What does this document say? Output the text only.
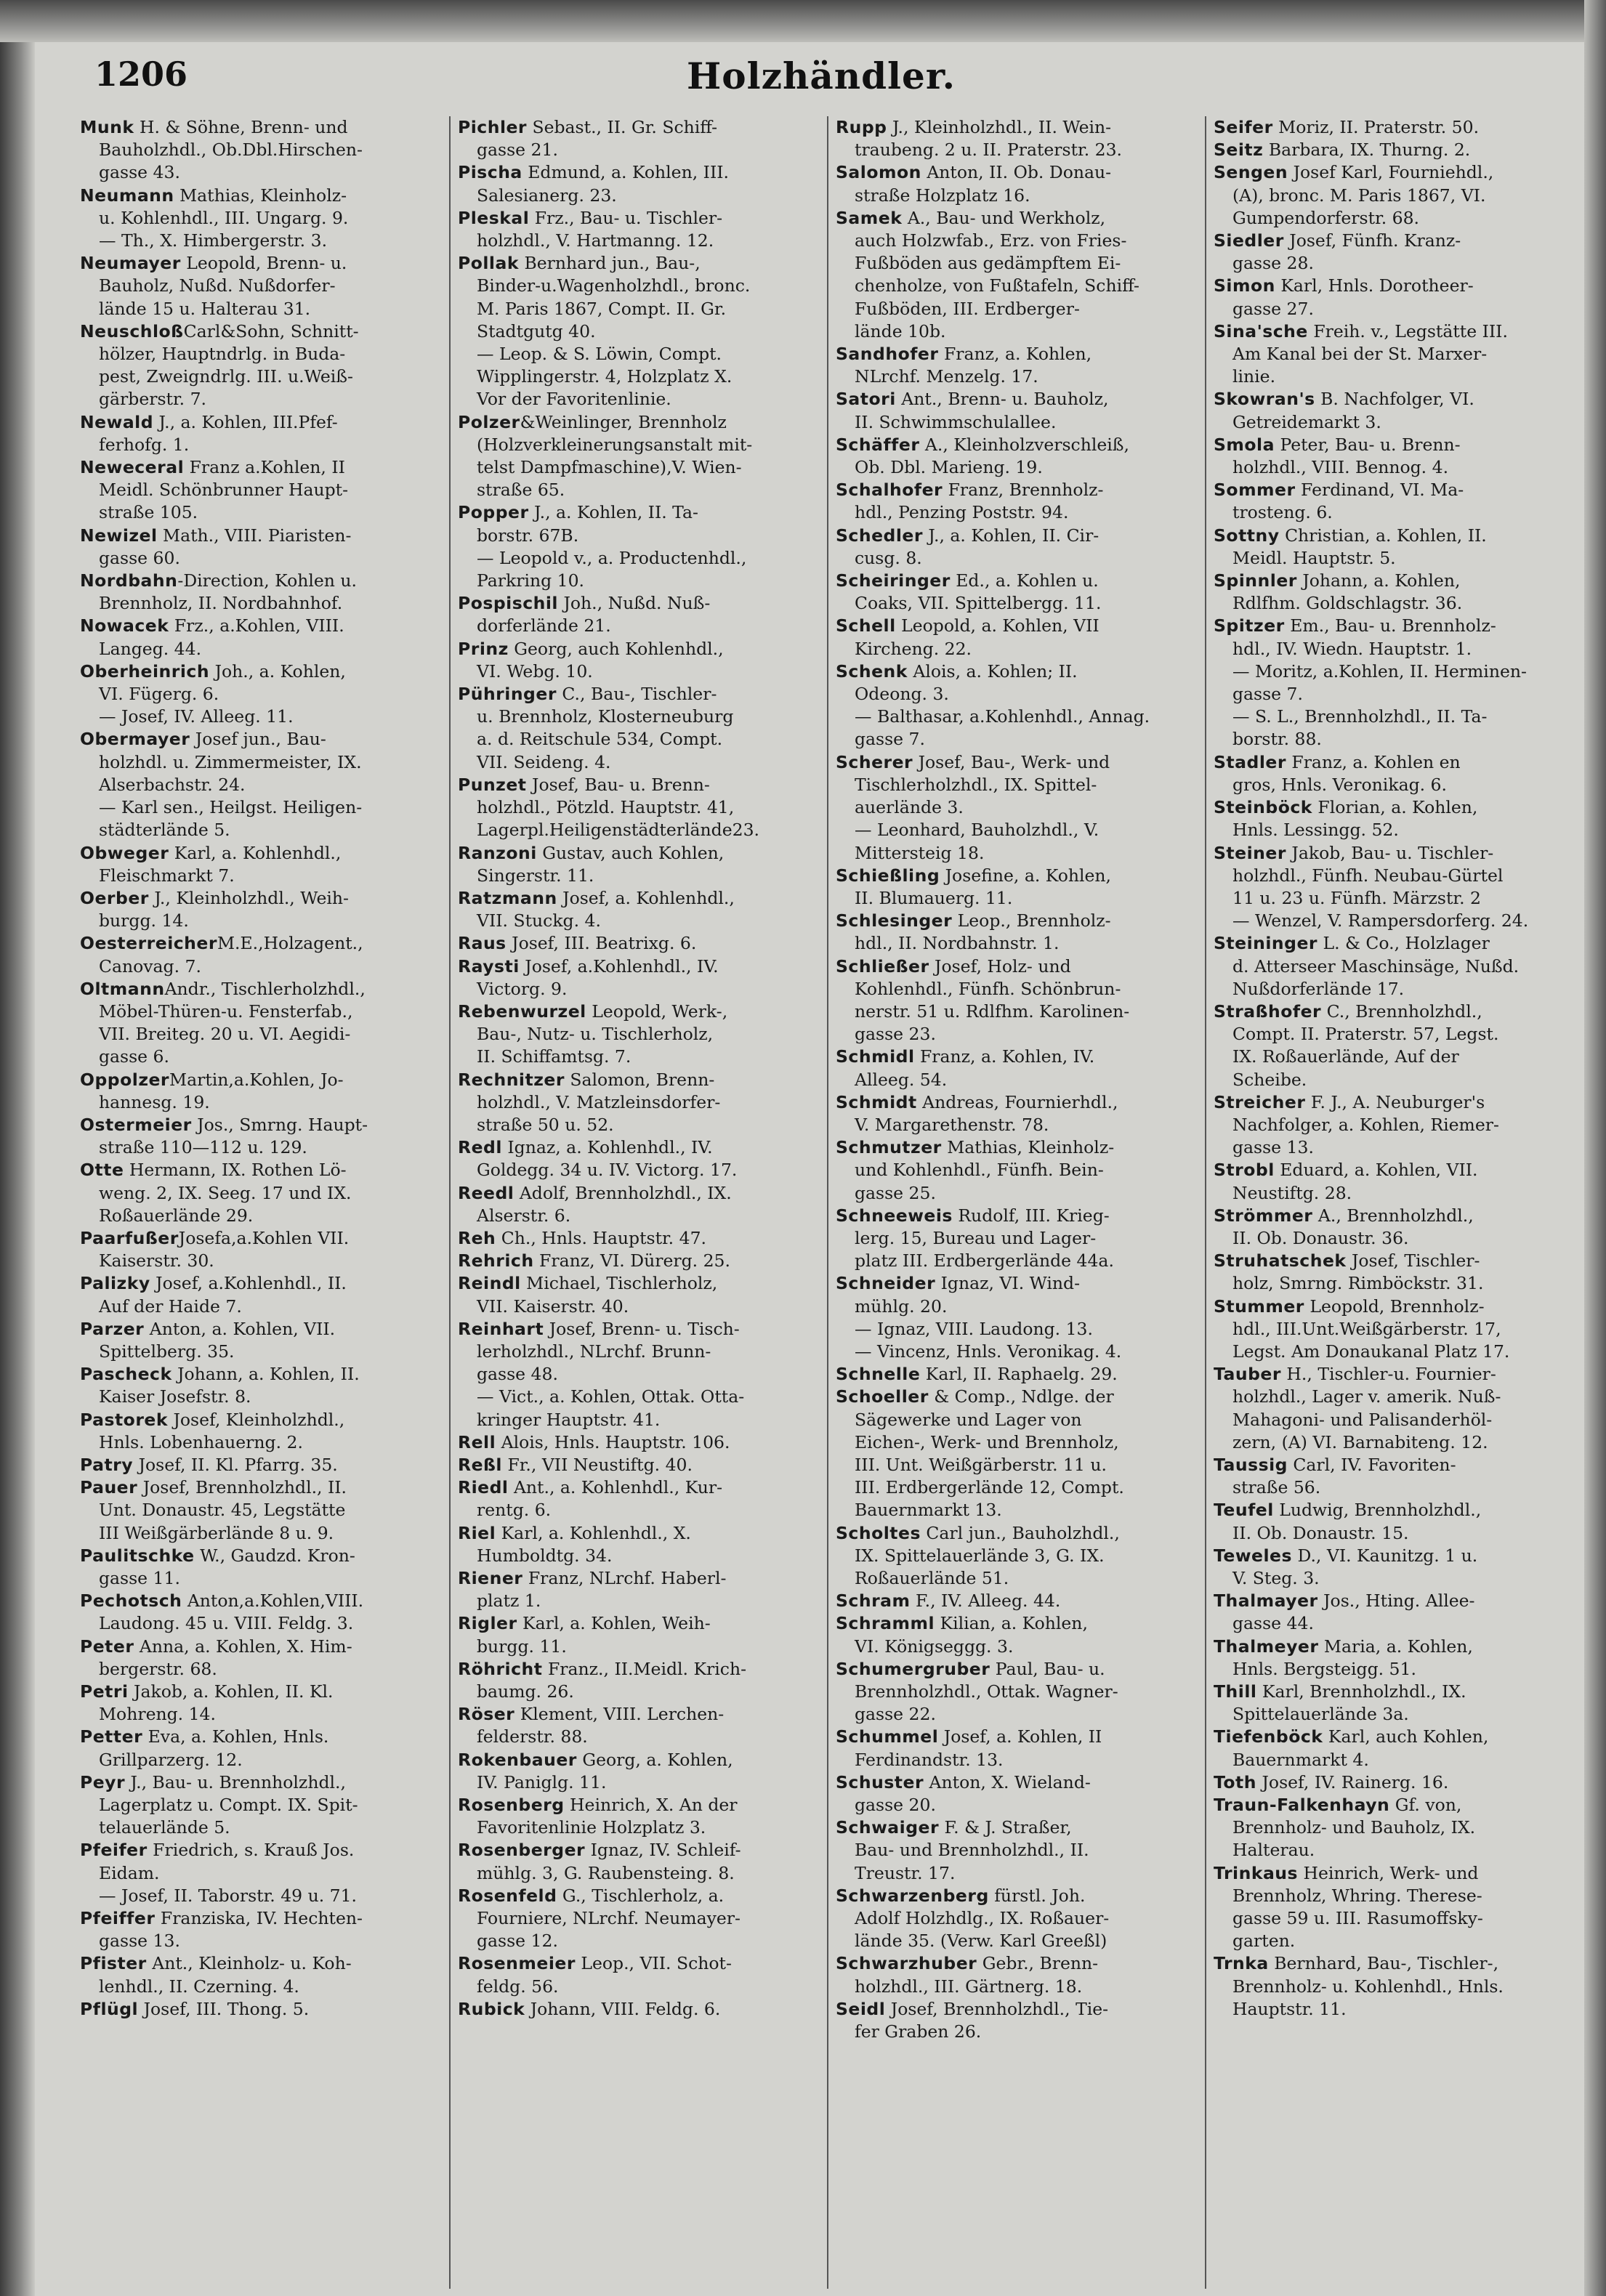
1206	Holzhändler.
Munk H. & Söhne, Brenn- und
Bauholzhdl., Ob.Dbl.Hirschen-
gasse 43.
Neumann Mathias, Kleinholz-
u. Kohlenhdl., III. Ungarg. 9.
— Th., X. Himbergerstr. 3.
Neumayer Leopold, Brenn- u.
Bauholz, Nußd. Nußdorfer-
lände 15 u. Halterau 31.
NeuschloßCarl&Sohn, Schnitt-
hölzer, Hauptndrlg. in Buda-
pest, Zweigndrlg. III. u.Weiß-
gärberstr. 7.
Newald J., a. Kohlen, III.Pfef-
ferhofg. 1.
Neweceral Franz a.Kohlen, II
Meidl. Schönbrunner Haupt-
straße 105.
Newizel Math., VIII. Piaristen-
gasse 60.
Nordbahn-Direction, Kohlen u.
Brennholz, II. Nordbahnhof.
Nowacek Frz., a.Kohlen, VIII.
Langeg. 44.
Oberheinrich Joh., a. Kohlen,
VI. Fügerg. 6.
— Josef, IV. Alleeg. 11.
Obermayer Josef jun., Bau-
holzhdl. u. Zimmermeister, IX.
Alserbachstr. 24.
— Karl sen., Heilgst. Heiligen-
städterlände 5.
Obweger Karl, a. Kohlenhdl.,
Fleischmarkt 7.
Oerber J., Kleinholzhdl., Weih-
burgg. 14.
OesterreicherM.E.,Holzagent.,
Canovag. 7.
OltmannAndr., Tischlerholzhdl.,
Möbel-Thüren-u. Fensterfab.,
VII. Breiteg. 20 u. VI. Aegidi-
gasse 6.
OppolzerMartin,a.Kohlen, Jo-
hannesg. 19.
Ostermeier Jos., Smrng. Haupt-
straße 110—112 u. 129.
Otte Hermann, IX. Rothen Lö-
weng. 2, IX. Seeg. 17 und IX.
Roßauerlände 29.
PaarfußerJosefa,a.Kohlen VII.
Kaiserstr. 30.
Palizky Josef, a.Kohlenhdl., II.
Auf der Haide 7.
Parzer Anton, a. Kohlen, VII.
Spittelberg. 35.
Pascheck Johann, a. Kohlen, II.
Kaiser Josefstr. 8.
Pastorek Josef, Kleinholzhdl.,
Hnls. Lobenhauerng. 2.
Patry Josef, II. Kl. Pfarrg. 35.
Pauer Josef, Brennholzhdl., II.
Unt. Donaustr. 45, Legstätte
III Weißgärberlände 8 u. 9.
Paulitschke W., Gaudzd. Kron-
gasse 11.
Pechotsch Anton,a.Kohlen,VIII.
Laudong. 45 u. VIII. Feldg. 3.
Peter Anna, a. Kohlen, X. Him-
bergerstr. 68.
Petri Jakob, a. Kohlen, II. Kl.
Mohreng. 14.
Petter Eva, a. Kohlen, Hnls.
Grillparzerg. 12.
Peyr J., Bau- u. Brennholzhdl.,
Lagerplatz u. Compt. IX. Spit-
telauerlände 5.
Pfeifer Friedrich, s. Krauß Jos.
Eidam.
— Josef, II. Taborstr. 49 u. 71.
Pfeiffer Franziska, IV. Hechten-
gasse 13.
Pfister Ant., Kleinholz- u. Koh-
lenhdl., II. Czerning. 4.
Pflügl Josef, III. Thong. 5.
Pichler Sebast., II. Gr. Schiff-
gasse 21.
Pischa Edmund, a. Kohlen, III.
Salesianerg. 23.
Pleskal Frz., Bau- u. Tischler-
holzhdl., V. Hartmanng. 12.
Pollak Bernhard jun., Bau-,
Binder-u.Wagenholzhdl., bronc.
M. Paris 1867, Compt. II. Gr.
Stadtgutg 40.
— Leop. & S. Löwin, Compt.
Wipplingerstr. 4, Holzplatz X.
Vor der Favoritenlinie.
Polzer&Weinlinger, Brennholz
(Holzverkleinerungsanstalt mit-
telst Dampfmaschine),V. Wien-
straße 65.
Popper J., a. Kohlen, II. Ta-
borstr. 67B.
— Leopold v., a. Productenhdl.,
Parkring 10.
Pospischil Joh., Nußd. Nuß-
dorferlände 21.
Prinz Georg, auch Kohlenhdl.,
VI. Webg. 10.
Pühringer C., Bau-, Tischler-
u. Brennholz, Klosterneuburg
a. d. Reitschule 534, Compt.
VII. Seideng. 4.
Punzet Josef, Bau- u. Brenn-
holzhdl., Pötzld. Hauptstr. 41,
Lagerpl.Heiligenstädterlände23.
Ranzoni Gustav, auch Kohlen,
Singerstr. 11.
Ratzmann Josef, a. Kohlenhdl.,
VII. Stuckg. 4.
Raus Josef, III. Beatrixg. 6.
Raysti Josef, a.Kohlenhdl., IV.
Victorg. 9.
Rebenwurzel Leopold, Werk-,
Bau-, Nutz- u. Tischlerholz,
II. Schiffamtsg. 7.
Rechnitzer Salomon, Brenn-
holzhdl., V. Matzleinsdorfer-
straße 50 u. 52.
Redl Ignaz, a. Kohlenhdl., IV.
Goldegg. 34 u. IV. Victorg. 17.
Reedl Adolf, Brennholzhdl., IX.
Alserstr. 6.
Reh Ch., Hnls. Hauptstr. 47.
Rehrich Franz, VI. Dürerg. 25.
Reindl Michael, Tischlerholz,
VII. Kaiserstr. 40.
Reinhart Josef, Brenn- u. Tisch-
lerholzhdl., NLrchf. Brunn-
gasse 48.
— Vict., a. Kohlen, Ottak. Otta-
kringer Hauptstr. 41.
Rell Alois, Hnls. Hauptstr. 106.
Reßl Fr., VII Neustiftg. 40.
Riedl Ant., a. Kohlenhdl., Kur-
rentg. 6.
Riel Karl, a. Kohlenhdl., X.
Humboldtg. 34.
Riener Franz, NLrchf. Haberl-
platz 1.
Rigler Karl, a. Kohlen, Weih-
burgg. 11.
Röhricht Franz., II.Meidl. Krich-
baumg. 26.
Röser Klement, VIII. Lerchen-
felderstr. 88.
Rokenbauer Georg, a. Kohlen,
IV. Paniglg. 11.
Rosenberg Heinrich, X. An der
Favoritenlinie Holzplatz 3.
Rosenberger Ignaz, IV. Schleif-
mühlg. 3, G. Raubensteing. 8.
Rosenfeld G., Tischlerholz, a.
Fourniere, NLrchf. Neumayer-
gasse 12.
Rosenmeier Leop., VII. Schot-
feldg. 56.
Rubick Johann, VIII. Feldg. 6.
Rupp J., Kleinholzhdl., II. Wein-
traubeng. 2 u. II. Praterstr. 23.
Salomon Anton, II. Ob. Donau-
straße Holzplatz 16.
Samek A., Bau- und Werkholz,
auch Holzwfab., Erz. von Fries-
Fußböden aus gedämpftem Ei-
chenholze, von Fußtafeln, Schiff-
Fußböden, III. Erdberger-
lände 10b.
Sandhofer Franz, a. Kohlen,
NLrchf. Menzelg. 17.
Satori Ant., Brenn- u. Bauholz,
II. Schwimmschulallee.
Schäffer A., Kleinholzverschleiß,
Ob. Dbl. Marieng. 19.
Schalhofer Franz, Brennholz-
hdl., Penzing Poststr. 94.
Schedler J., a. Kohlen, II. Cir-
cusg. 8.
Scheiringer Ed., a. Kohlen u.
Coaks, VII. Spittelbergg. 11.
Schell Leopold, a. Kohlen, VII
Kircheng. 22.
Schenk Alois, a. Kohlen; II.
Odeong. 3.
— Balthasar, a.Kohlenhdl., Annag.
gasse 7.
Scherer Josef, Bau-, Werk- und
Tischlerholzhdl., IX. Spittel-
auerlände 3.
— Leonhard, Bauholzhdl., V.
Mittersteig 18.
Schießling Josefine, a. Kohlen,
II. Blumauerg. 11.
Schlesinger Leop., Brennholz-
hdl., II. Nordbahnstr. 1.
Schließer Josef, Holz- und
Kohlenhdl., Fünfh. Schönbrun-
nerstr. 51 u. Rdlfhm. Karolinen-
gasse 23.
Schmidl Franz, a. Kohlen, IV.
Alleeg. 54.
Schmidt Andreas, Fournierhdl.,
V. Margarethenstr. 78.
Schmutzer Mathias, Kleinholz-
und Kohlenhdl., Fünfh. Bein-
gasse 25.
Schneeweis Rudolf, III. Krieg-
lerg. 15, Bureau und Lager-
platz III. Erdbergerlände 44a.
Schneider Ignaz, VI. Wind-
mühlg. 20.
— Ignaz, VIII. Laudong. 13.
— Vincenz, Hnls. Veronikag. 4.
Schnelle Karl, II. Raphaelg. 29.
Schoeller & Comp., Ndlge. der
Sägewerke und Lager von
Eichen-, Werk- und Brennholz,
III. Unt. Weißgärberstr. 11 u.
III. Erdbergerlände 12, Compt.
Bauernmarkt 13.
Scholtes Carl jun., Bauholzhdl.,
IX. Spittelauerlände 3, G. IX.
Roßauerlände 51.
Schram F., IV. Alleeg. 44.
Schramml Kilian, a. Kohlen,
VI. Königseggg. 3.
Schumergruber Paul, Bau- u.
Brennholzhdl., Ottak. Wagner-
gasse 22.
Schummel Josef, a. Kohlen, II
Ferdinandstr. 13.
Schuster Anton, X. Wieland-
gasse 20.
Schwaiger F. & J. Straßer,
Bau- und Brennholzhdl., II.
Treustr. 17.
Schwarzenberg fürstl. Joh.
Adolf Holzhdlg., IX. Roßauer-
lände 35. (Verw. Karl Greeßl)
Schwarzhuber Gebr., Brenn-
holzhdl., III. Gärtnerg. 18.
Seidl Josef, Brennholzhdl., Tie-
fer Graben 26.
Seifer Moriz, II. Praterstr. 50.
Seitz Barbara, IX. Thurng. 2.
Sengen Josef Karl, Fourniehdl.,
(A), bronc. M. Paris 1867, VI.
Gumpendorferstr. 68.
Siedler Josef, Fünfh. Kranz-
gasse 28.
Simon Karl, Hnls. Dorotheer-
gasse 27.
Sina'sche Freih. v., Legstätte III.
Am Kanal bei der St. Marxer-
linie.
Skowran's B. Nachfolger, VI.
Getreidemarkt 3.
Smola Peter, Bau- u. Brenn-
holzhdl., VIII. Bennog. 4.
Sommer Ferdinand, VI. Ma-
trosteng. 6.
Sottny Christian, a. Kohlen, II.
Meidl. Hauptstr. 5.
Spinnler Johann, a. Kohlen,
Rdlfhm. Goldschlagstr. 36.
Spitzer Em., Bau- u. Brennholz-
hdl., IV. Wiedn. Hauptstr. 1.
— Moritz, a.Kohlen, II. Herminen-
gasse 7.
— S. L., Brennholzhdl., II. Ta-
borstr. 88.
Stadler Franz, a. Kohlen en
gros, Hnls. Veronikag. 6.
Steinböck Florian, a. Kohlen,
Hnls. Lessingg. 52.
Steiner Jakob, Bau- u. Tischler-
holzhdl., Fünfh. Neubau-Gürtel
11 u. 23 u. Fünfh. Märzstr. 2
— Wenzel, V. Rampersdorferg. 24.
Steininger L. & Co., Holzlager
d. Atterseer Maschinsäge, Nußd.
Nußdorferlände 17.
Straßhofer C., Brennholzhdl.,
Compt. II. Praterstr. 57, Legst.
IX. Roßauerlände, Auf der
Scheibe.
Streicher F. J., A. Neuburger's
Nachfolger, a. Kohlen, Riemer-
gasse 13.
Strobl Eduard, a. Kohlen, VII.
Neustiftg. 28.
Strömmer A., Brennholzhdl.,
II. Ob. Donaustr. 36.
Struhatschek Josef, Tischler-
holz, Smrng. Rimböckstr. 31.
Stummer Leopold, Brennholz-
hdl., III.Unt.Weißgärberstr. 17,
Legst. Am Donaukanal Platz 17.
Tauber H., Tischler-u. Fournier-
holzhdl., Lager v. amerik. Nuß-
Mahagoni- und Palisanderhöl-
zern, (A) VI. Barnabiteng. 12.
Taussig Carl, IV. Favoriten-
straße 56.
Teufel Ludwig, Brennholzhdl.,
II. Ob. Donaustr. 15.
Teweles D., VI. Kaunitzg. 1 u.
V. Steg. 3.
Thalmayer Jos., Hting. Allee-
gasse 44.
Thalmeyer Maria, a. Kohlen,
Hnls. Bergsteigg. 51.
Thill Karl, Brennholzhdl., IX.
Spittelauerlände 3a.
Tiefenböck Karl, auch Kohlen,
Bauernmarkt 4.
Toth Josef, IV. Rainerg. 16.
Traun-Falkenhayn Gf. von,
Brennholz- und Bauholz, IX.
Halterau.
Trinkaus Heinrich, Werk- und
Brennholz, Whring. Therese-
gasse 59 u. III. Rasumoffsky-
garten.
Trnka Bernhard, Bau-, Tischler-,
Brennholz- u. Kohlenhdl., Hnls.
Hauptstr. 11.
